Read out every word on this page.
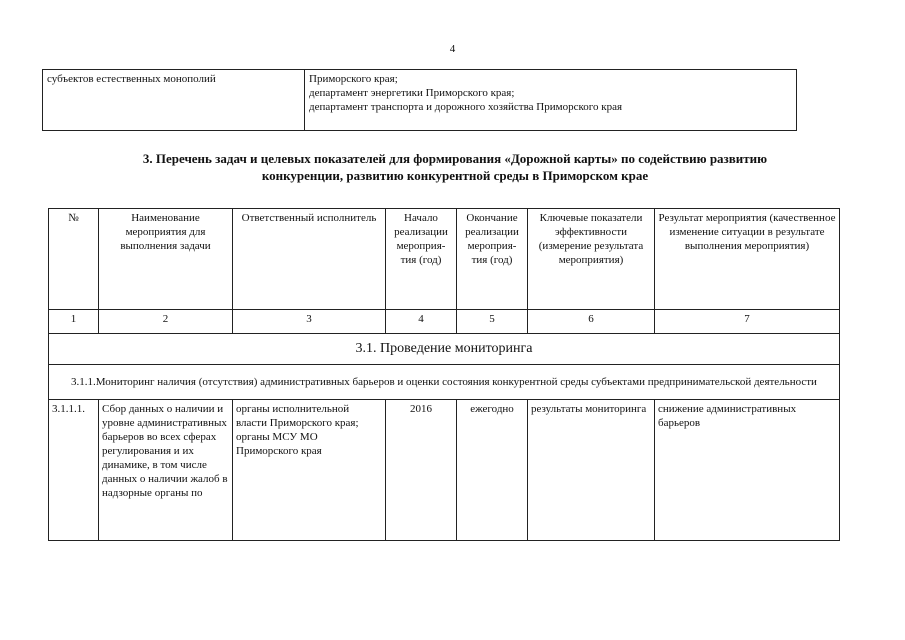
4
субъектов естественных монополий	Приморского края;
департамент энергетики Приморского края;
департамент транспорта и дорожного хозяйства Приморского края
3. Перечень задач и целевых показателей для формирования «Дорожной карты» по содействию развитию
конкуренции, развитию конкурентной среды в Приморском крае
№	Наименование мероприятия для выполнения задачи	Ответственный исполнитель	Начало реализации мероприя-тия (год)	Окончание реализации мероприя-тия (год)	Ключевые показатели эффективности (измерение результата мероприятия)	Результат мероприятия (качественное изменение ситуации в результате выполнения мероприятия)
1	2	3	4	5	6	7
3.1. Проведение мониторинга						
3.1.1.Мониторинг наличия (отсутствия) административных барьеров и оценки состояния конкурентной среды субъектами предпринимательской деятельности						
3.1.1.1.	Сбор данных о наличии и уровне административных барьеров во всех сферах регулирования и их динамике, в том числе данных о наличии жалоб в надзорные органы по	органы исполнительной власти Приморского края; органы МСУ МО Приморского края	2016	ежегодно	результаты мониторинга	снижение административных барьеров
